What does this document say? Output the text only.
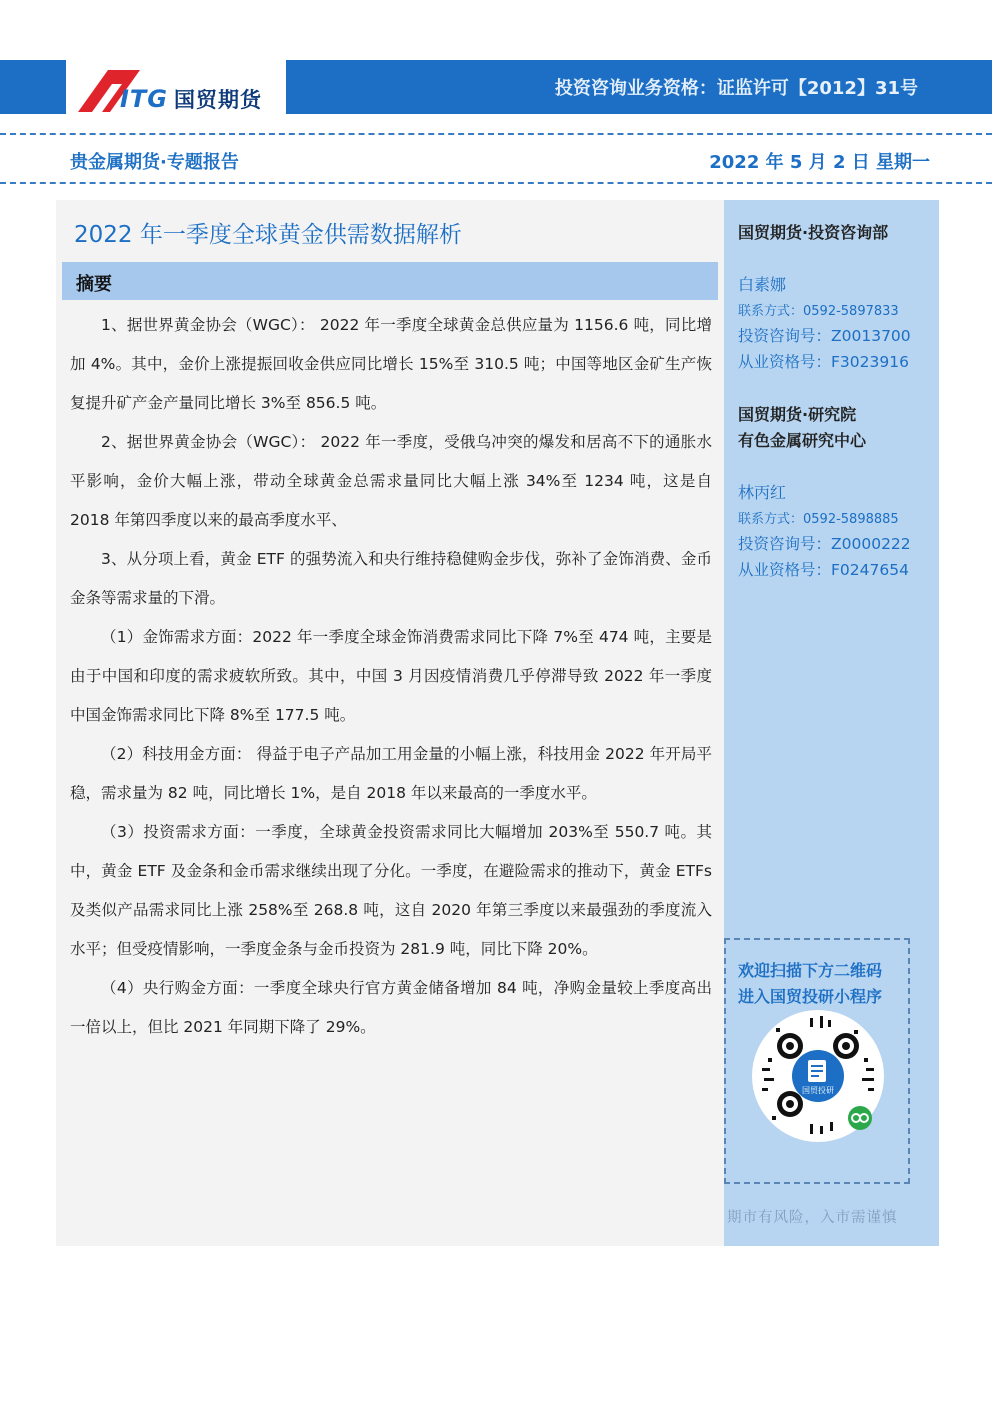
ITG 国贸期货	投资咨询业务资格：证监许可【2012】31号
贵金属期货·专题报告	2022 年 5 月 2 日 星期一
2022 年一季度全球黄金供需数据解析
摘要

1、据世界黄金协会（WGC）： 2022 年一季度全球黄金总供应量为 1156.6 吨，同比增加 4%。其中，金价上涨提振回收金供应同比增长 15%至 310.5 吨；中国等地区金矿生产恢复提升矿产金产量同比增长 3%至 856.5 吨。

2、据世界黄金协会（WGC）： 2022 年一季度，受俄乌冲突的爆发和居高不下的通胀水平影响，金价大幅上涨，带动全球黄金总需求量同比大幅上涨 34%至 1234 吨，这是自 2018 年第四季度以来的最高季度水平、

3、从分项上看，黄金 ETF 的强势流入和央行维持稳健购金步伐，弥补了金饰消费、金币金条等需求量的下滑。

（1）金饰需求方面：2022 年一季度全球金饰消费需求同比下降 7%至 474 吨，主要是由于中国和印度的需求疲软所致。其中，中国 3 月因疫情消费几乎停滞导致 2022 年一季度中国金饰需求同比下降 8%至 177.5 吨。

（2）科技用金方面： 得益于电子产品加工用金量的小幅上涨，科技用金 2022 年开局平稳，需求量为 82 吨，同比增长 1%，是自 2018 年以来最高的一季度水平。

（3）投资需求方面：一季度，全球黄金投资需求同比大幅增加 203%至 550.7 吨。其中，黄金 ETF 及金条和金币需求继续出现了分化。一季度，在避险需求的推动下，黄金 ETFs 及类似产品需求同比上涨 258%至 268.8 吨，这自 2020 年第三季度以来最强劲的季度流入水平；但受疫情影响，一季度金条与金币投资为 281.9 吨，同比下降 20%。

（4）央行购金方面：一季度全球央行官方黄金储备增加 84 吨，净购金量较上季度高出一倍以上，但比 2021 年同期下降了 29%。

国贸期货·投资咨询部
白素娜
联系方式：0592-5897833
投资咨询号：Z0013700
从业资格号：F3023916
国贸期货·研究院
有色金属研究中心
林丙红
联系方式：0592-5898885
投资咨询号：Z0000222
从业资格号：F0247654
欢迎扫描下方二维码
进入国贸投研小程序
国贸投研
期市有风险，入市需谨慎
